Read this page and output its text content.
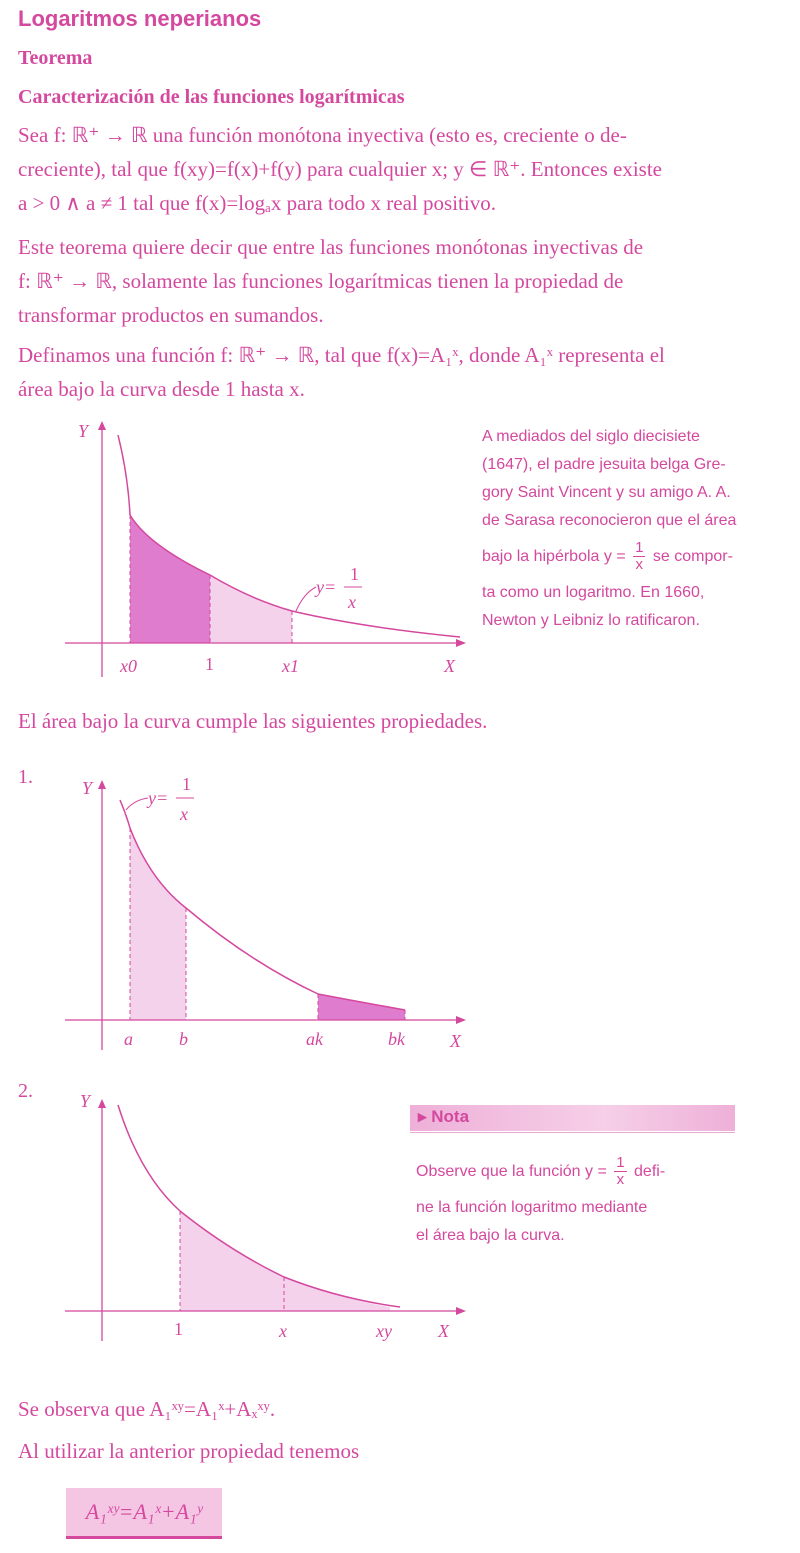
Logaritmos neperianos
Teorema
Caracterización de las funciones logarítmicas
Sea f: ℝ⁺ → ℝ una función monótona inyectiva (esto es, creciente o de-
creciente), tal que f(xy)=f(x)+f(y) para cualquier x; y ∈ ℝ⁺. Entonces existe
a > 0 ∧ a ≠ 1 tal que f(x)=logₐx para todo x real positivo.
Este teorema quiere decir que entre las funciones monótonas inyectivas de
f: ℝ⁺ → ℝ, solamente las funciones logarítmicas tienen la propiedad de
transformar productos en sumandos.
Definamos una función f: ℝ⁺ → ℝ, tal que f(x)=A₁ˣ, donde A₁ˣ representa el
área bajo la curva desde 1 hasta x.
Y
X
x0	1	x1
y=
1
x
A mediados del siglo diecisiete
(1647), el padre jesuita belga Gre-
gory Saint Vincent y su amigo A. A.
de Sarasa reconocieron que el área
bajo la hipérbola $y = \frac{1}{x}$ se compor-
ta como un logaritmo. En 1660,
Newton y Leibniz lo ratificaron.
El área bajo la curva cumple las siguientes propiedades.
1.	Y
X
a	b	ak	bk
y=
1
x
2.	Y
X
1	x	xy
▸ Nota
Observe que la función $y = \frac{1}{x}$ defi-
ne la función logaritmo mediante
el área bajo la curva.
Se observa que A₁ˣʸ=A₁ˣ+Aₓˣʸ.
Al utilizar la anterior propiedad tenemos
A₁ˣʸ=A₁ˣ+A₁ʸ
